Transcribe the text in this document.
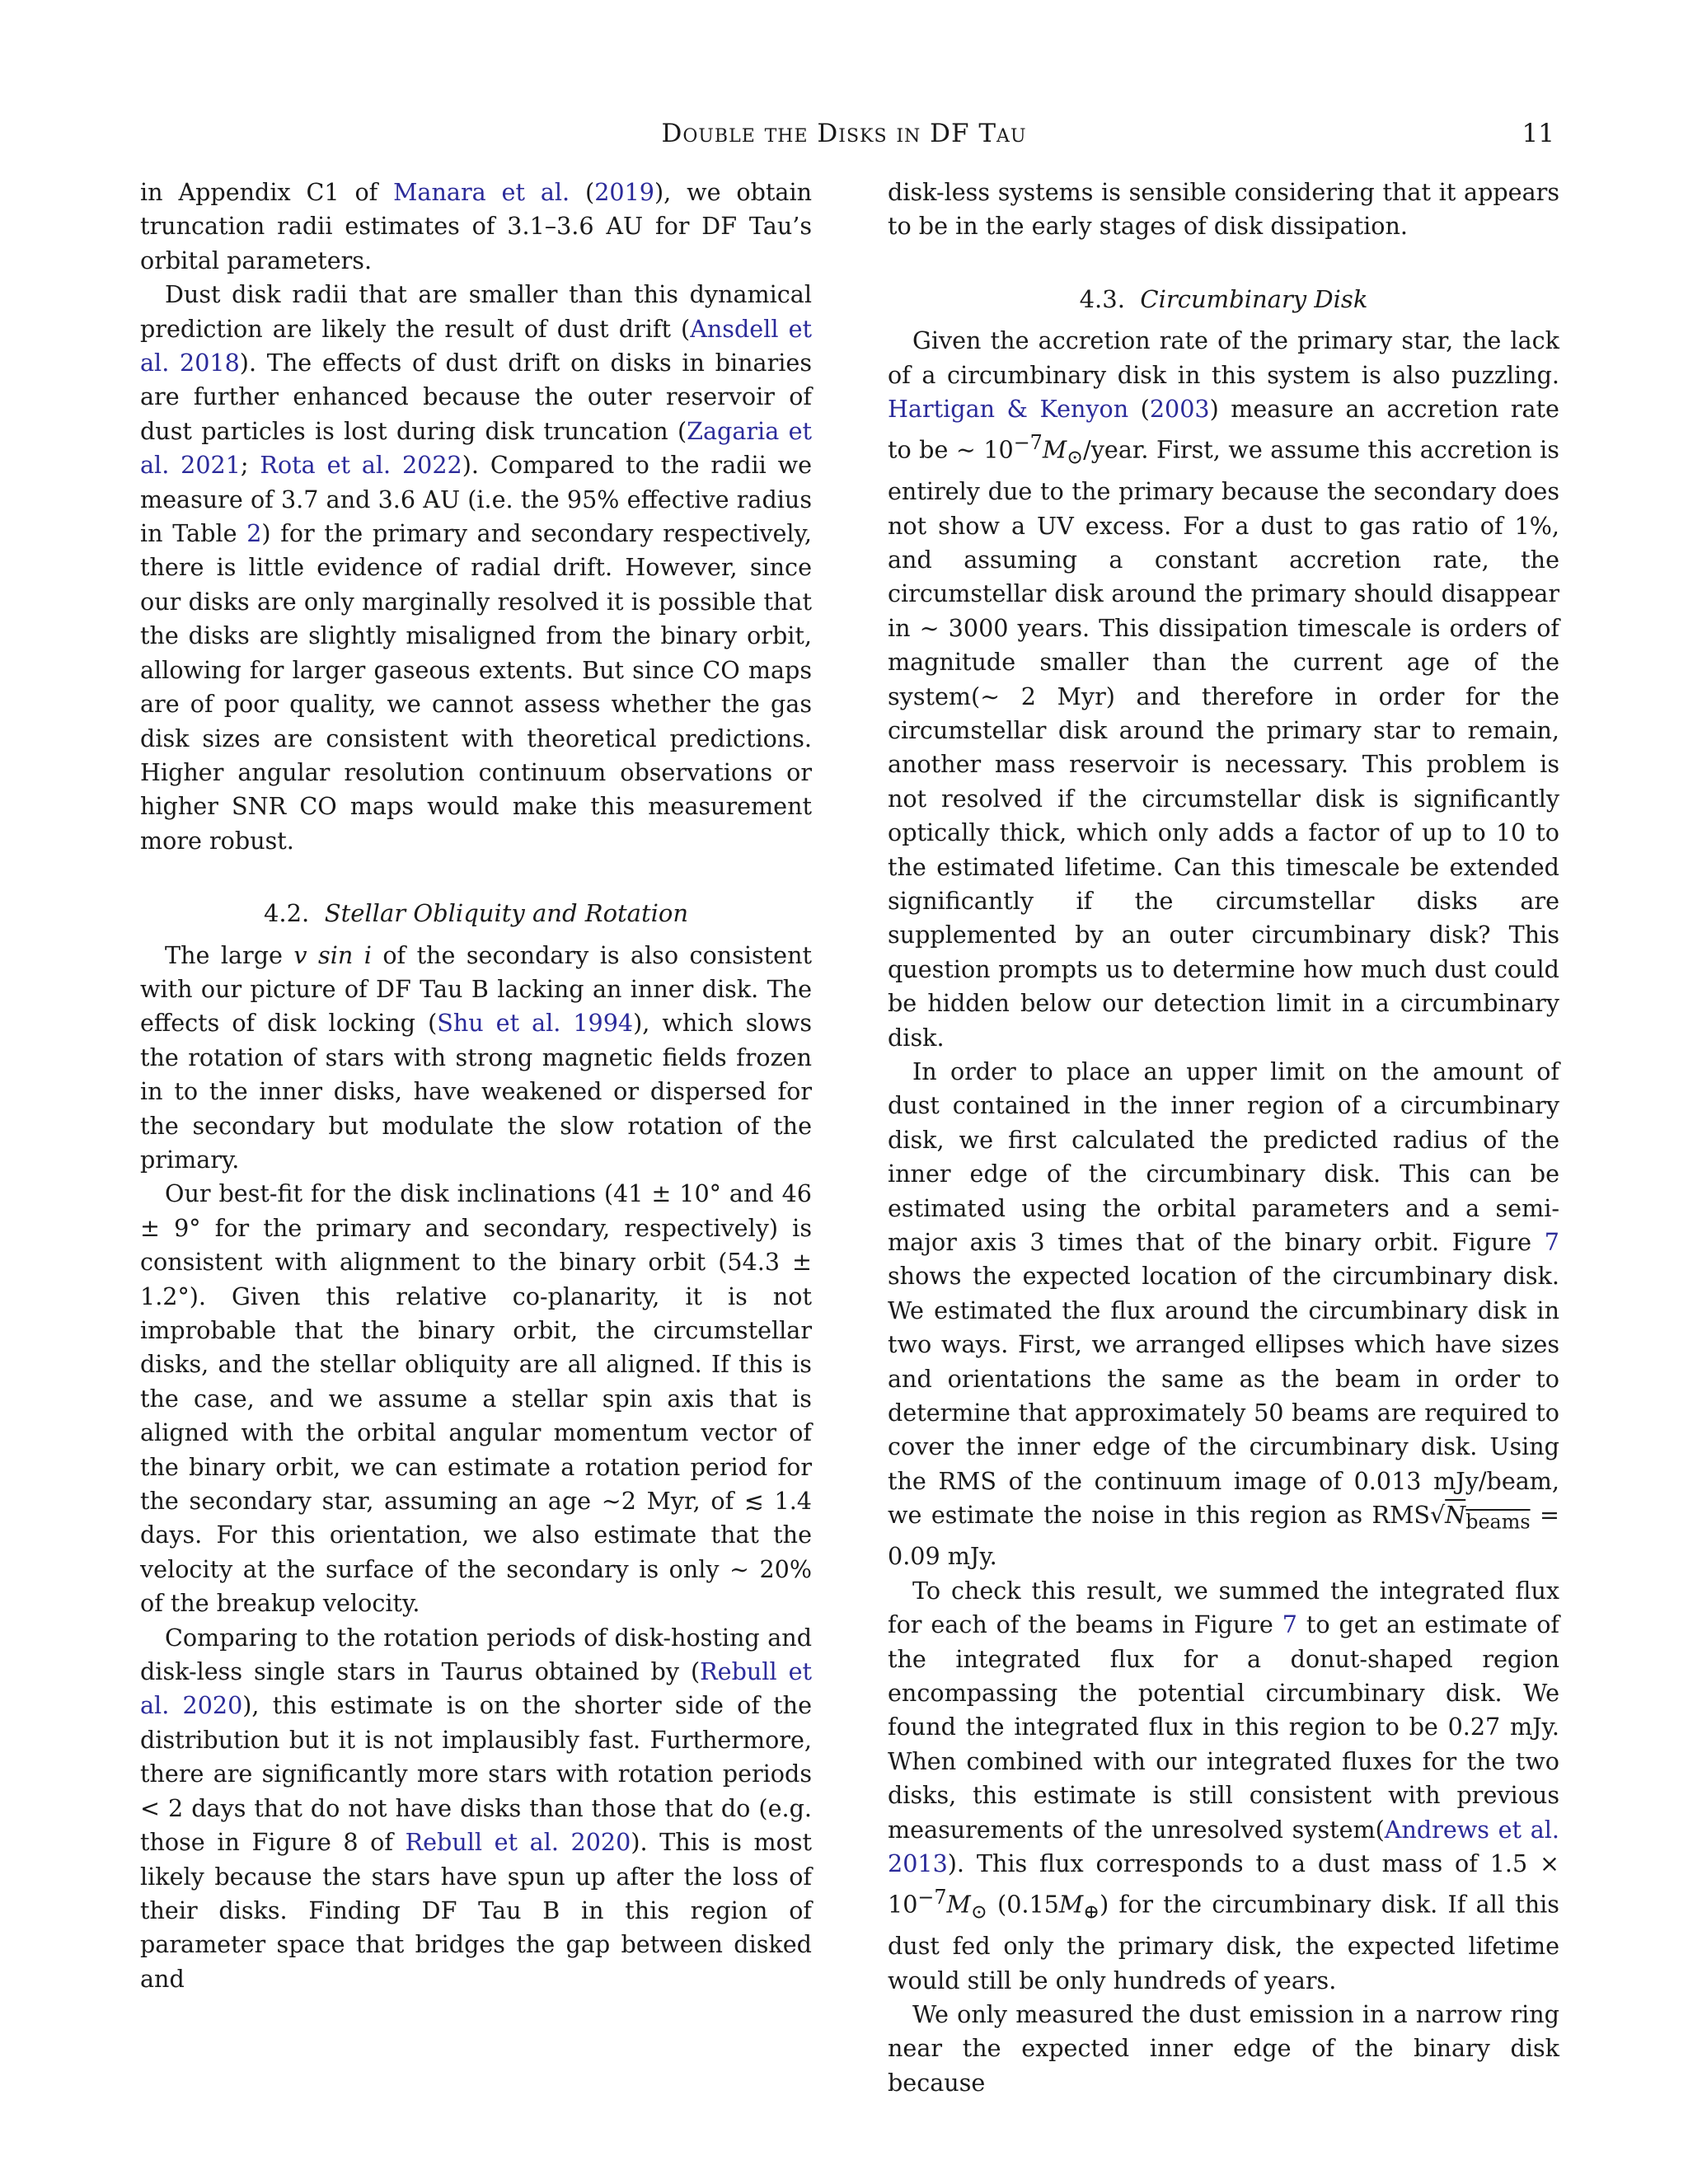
Double the Disks in DF Tau	11

in Appendix C1 of Manara et al. (2019), we obtain truncation radii estimates of 3.1–3.6 AU for DF Tau’s orbital parameters.

Dust disk radii that are smaller than this dynamical prediction are likely the result of dust drift (Ansdell et al. 2018). The effects of dust drift on disks in binaries are further enhanced because the outer reservoir of dust particles is lost during disk truncation (Zagaria et al. 2021; Rota et al. 2022). Compared to the radii we measure of 3.7 and 3.6 AU (i.e. the 95% effective radius in Table 2) for the primary and secondary respectively, there is little evidence of radial drift. However, since our disks are only marginally resolved it is possible that the disks are slightly misaligned from the binary orbit, allowing for larger gaseous extents. But since CO maps are of poor quality, we cannot assess whether the gas disk sizes are consistent with theoretical predictions. Higher angular resolution continuum observations or higher SNR CO maps would make this measurement more robust.

4.2. Stellar Obliquity and Rotation

The large v sin i of the secondary is also consistent with our picture of DF Tau B lacking an inner disk. The effects of disk locking (Shu et al. 1994), which slows the rotation of stars with strong magnetic fields frozen in to the inner disks, have weakened or dispersed for the secondary but modulate the slow rotation of the primary.

Our best-fit for the disk inclinations (41 ± 10° and 46 ± 9° for the primary and secondary, respectively) is consistent with alignment to the binary orbit (54.3 ± 1.2°). Given this relative co-planarity, it is not improbable that the binary orbit, the circumstellar disks, and the stellar obliquity are all aligned. If this is the case, and we assume a stellar spin axis that is aligned with the orbital angular momentum vector of the binary orbit, we can estimate a rotation period for the secondary star, assuming an age ∼2 Myr, of ≲ 1.4 days. For this orientation, we also estimate that the velocity at the surface of the secondary is only ∼ 20% of the breakup velocity.

Comparing to the rotation periods of disk-hosting and disk-less single stars in Taurus obtained by (Rebull et al. 2020), this estimate is on the shorter side of the distribution but it is not implausibly fast. Furthermore, there are significantly more stars with rotation periods < 2 days that do not have disks than those that do (e.g. those in Figure 8 of Rebull et al. 2020). This is most likely because the stars have spun up after the loss of their disks. Finding DF Tau B in this region of parameter space that bridges the gap between disked and

disk-less systems is sensible considering that it appears to be in the early stages of disk dissipation.

4.3. Circumbinary Disk

Given the accretion rate of the primary star, the lack of a circumbinary disk in this system is also puzzling. Hartigan & Kenyon (2003) measure an accretion rate to be ∼ $10^{-7}M_⊙$/year. First, we assume this accretion is entirely due to the primary because the secondary does not show a UV excess. For a dust to gas ratio of 1%, and assuming a constant accretion rate, the circumstellar disk around the primary should disappear in ∼ 3000 years. This dissipation timescale is orders of magnitude smaller than the current age of the system(∼ 2 Myr) and therefore in order for the circumstellar disk around the primary star to remain, another mass reservoir is necessary. This problem is not resolved if the circumstellar disk is significantly optically thick, which only adds a factor of up to 10 to the estimated lifetime. Can this timescale be extended significantly if the circumstellar disks are supplemented by an outer circumbinary disk? This question prompts us to determine how much dust could be hidden below our detection limit in a circumbinary disk.

In order to place an upper limit on the amount of dust contained in the inner region of a circumbinary disk, we first calculated the predicted radius of the inner edge of the circumbinary disk. This can be estimated using the orbital parameters and a semi-major axis 3 times that of the binary orbit. Figure 7 shows the expected location of the circumbinary disk. We estimated the flux around the circumbinary disk in two ways. First, we arranged ellipses which have sizes and orientations the same as the beam in order to determine that approximately 50 beams are required to cover the inner edge of the circumbinary disk. Using the RMS of the continuum image of 0.013 mJy/beam, we estimate the noise in this region as $RMS√N_{beams} = 0.09$ mJy.

To check this result, we summed the integrated flux for each of the beams in Figure 7 to get an estimate of the integrated flux for a donut-shaped region encompassing the potential circumbinary disk. We found the integrated flux in this region to be 0.27 mJy. When combined with our integrated fluxes for the two disks, this estimate is still consistent with previous measurements of the unresolved system(Andrews et al. 2013). This flux corresponds to a dust mass of $1.5 \times 10^{-7}M_⊙$ $(0.15M_\oplus)$ for the circumbinary disk. If all this dust fed only the primary disk, the expected lifetime would still be only hundreds of years.

We only measured the dust emission in a narrow ring near the expected inner edge of the binary disk because
